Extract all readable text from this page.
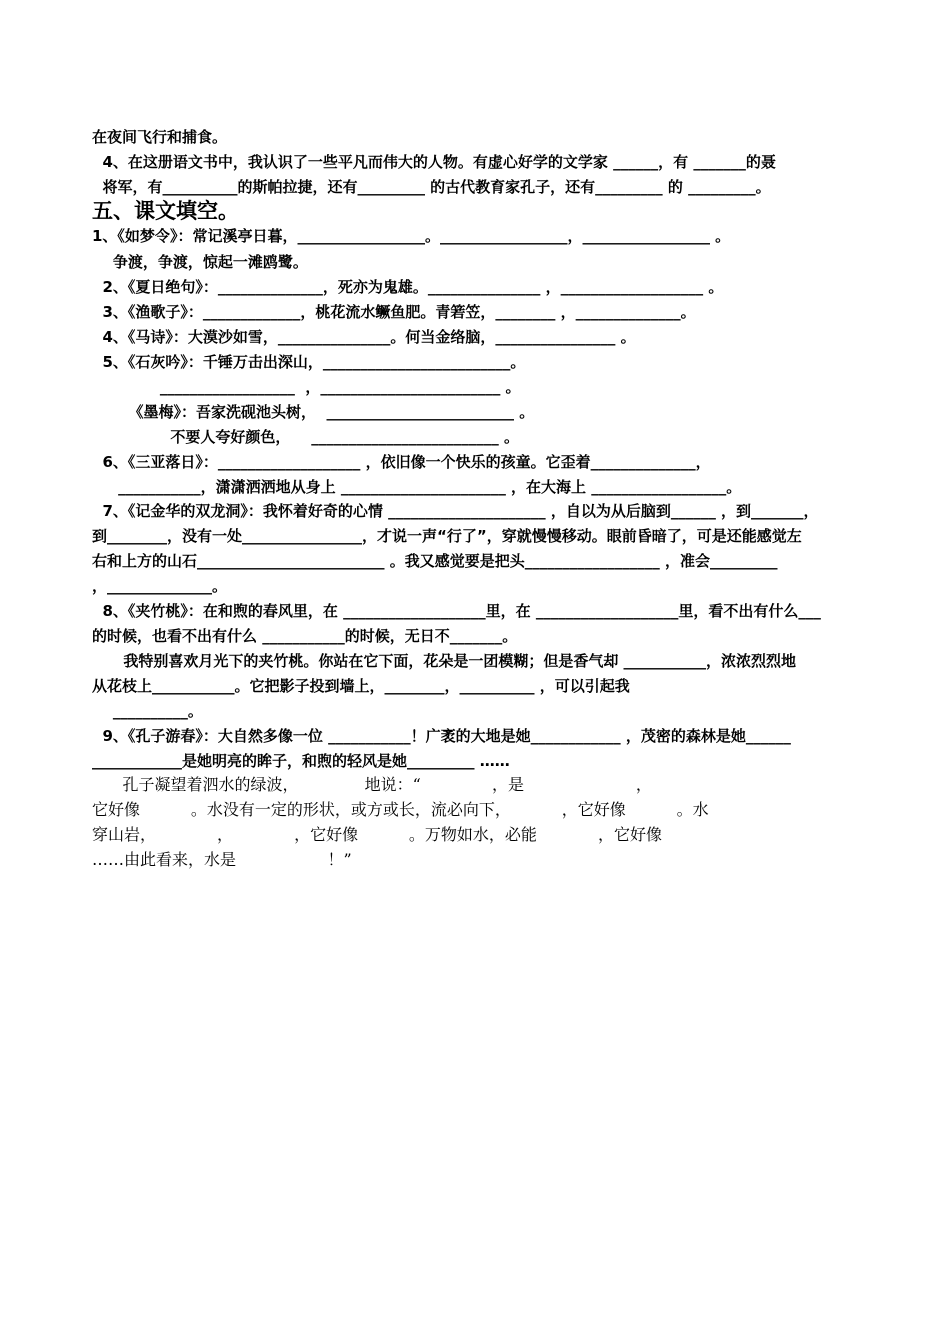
在夜间飞行和捕食。
4、在这册语文书中，我认识了一些平凡而伟大的人物。有虚心好学的文学家 ______，有 _______的聂
将军，有__________的斯帕拉捷，还有_________ 的古代教育家孔子，还有_________ 的 _________。
五、课文填空。
1、《如梦令》：常记溪亭日暮，_________________。_________________，_________________ 。
争渡，争渡，惊起一滩鸥鹭。
2、《夏日绝句》：______________，死亦为鬼雄。_______________ ，___________________ 。
3、《渔歌子》：_____________，桃花流水鳜鱼肥。青箬笠，________ ，______________。
4、《马诗》：大漠沙如雪，_______________。何当金络脑，________________ 。
5、《石灰吟》：千锤万击出深山，_________________________。
__________________  ，________________________ 。
《墨梅》：吾家洗砚池头树，  _________________________ 。
不要人夸好颜色，    _________________________ 。
6、《三亚落日》：___________________ ，依旧像一个快乐的孩童。它歪着______________，
___________，潇潇洒洒地从身上 ______________________ ，在大海上 __________________。
7、《记金华的双龙洞》：我怀着好奇的心情 _____________________ ，自以为从后脑到______ ，到_______，
到________，没有一处________________，才说一声“行了”，穿就慢慢移动。眼前昏暗了，可是还能感觉左
右和上方的山石_________________________ 。我又感觉要是把头__________________ ，准会_________
，______________。
8、《夹竹桃》：在和煦的春风里，在 ___________________里，在 ___________________里，看不出有什么___
的时候，也看不出有什么 ___________的时候，无日不_______。
我特别喜欢月光下的夹竹桃。你站在它下面，花朵是一团模糊；但是香气却 ___________，浓浓烈烈地
从花枝上___________。它把影子投到墙上，________，__________ ，可以引起我
__________。
9、《孔子游春》：大自然多像一位 ___________！广袤的大地是她____________ ，茂密的森林是她______
____________是她明亮的眸子，和煦的轻风是她_________ ……
孔子凝望着泗水的绿波，             地说：“              ，是                      ，
它好像          。水没有一定的形状，或方或长，流必向下，          ，它好像          。水
穿山岩，            ，            ，它好像          。万物如水，必能            ，它好像
……由此看来，水是                  ！”
